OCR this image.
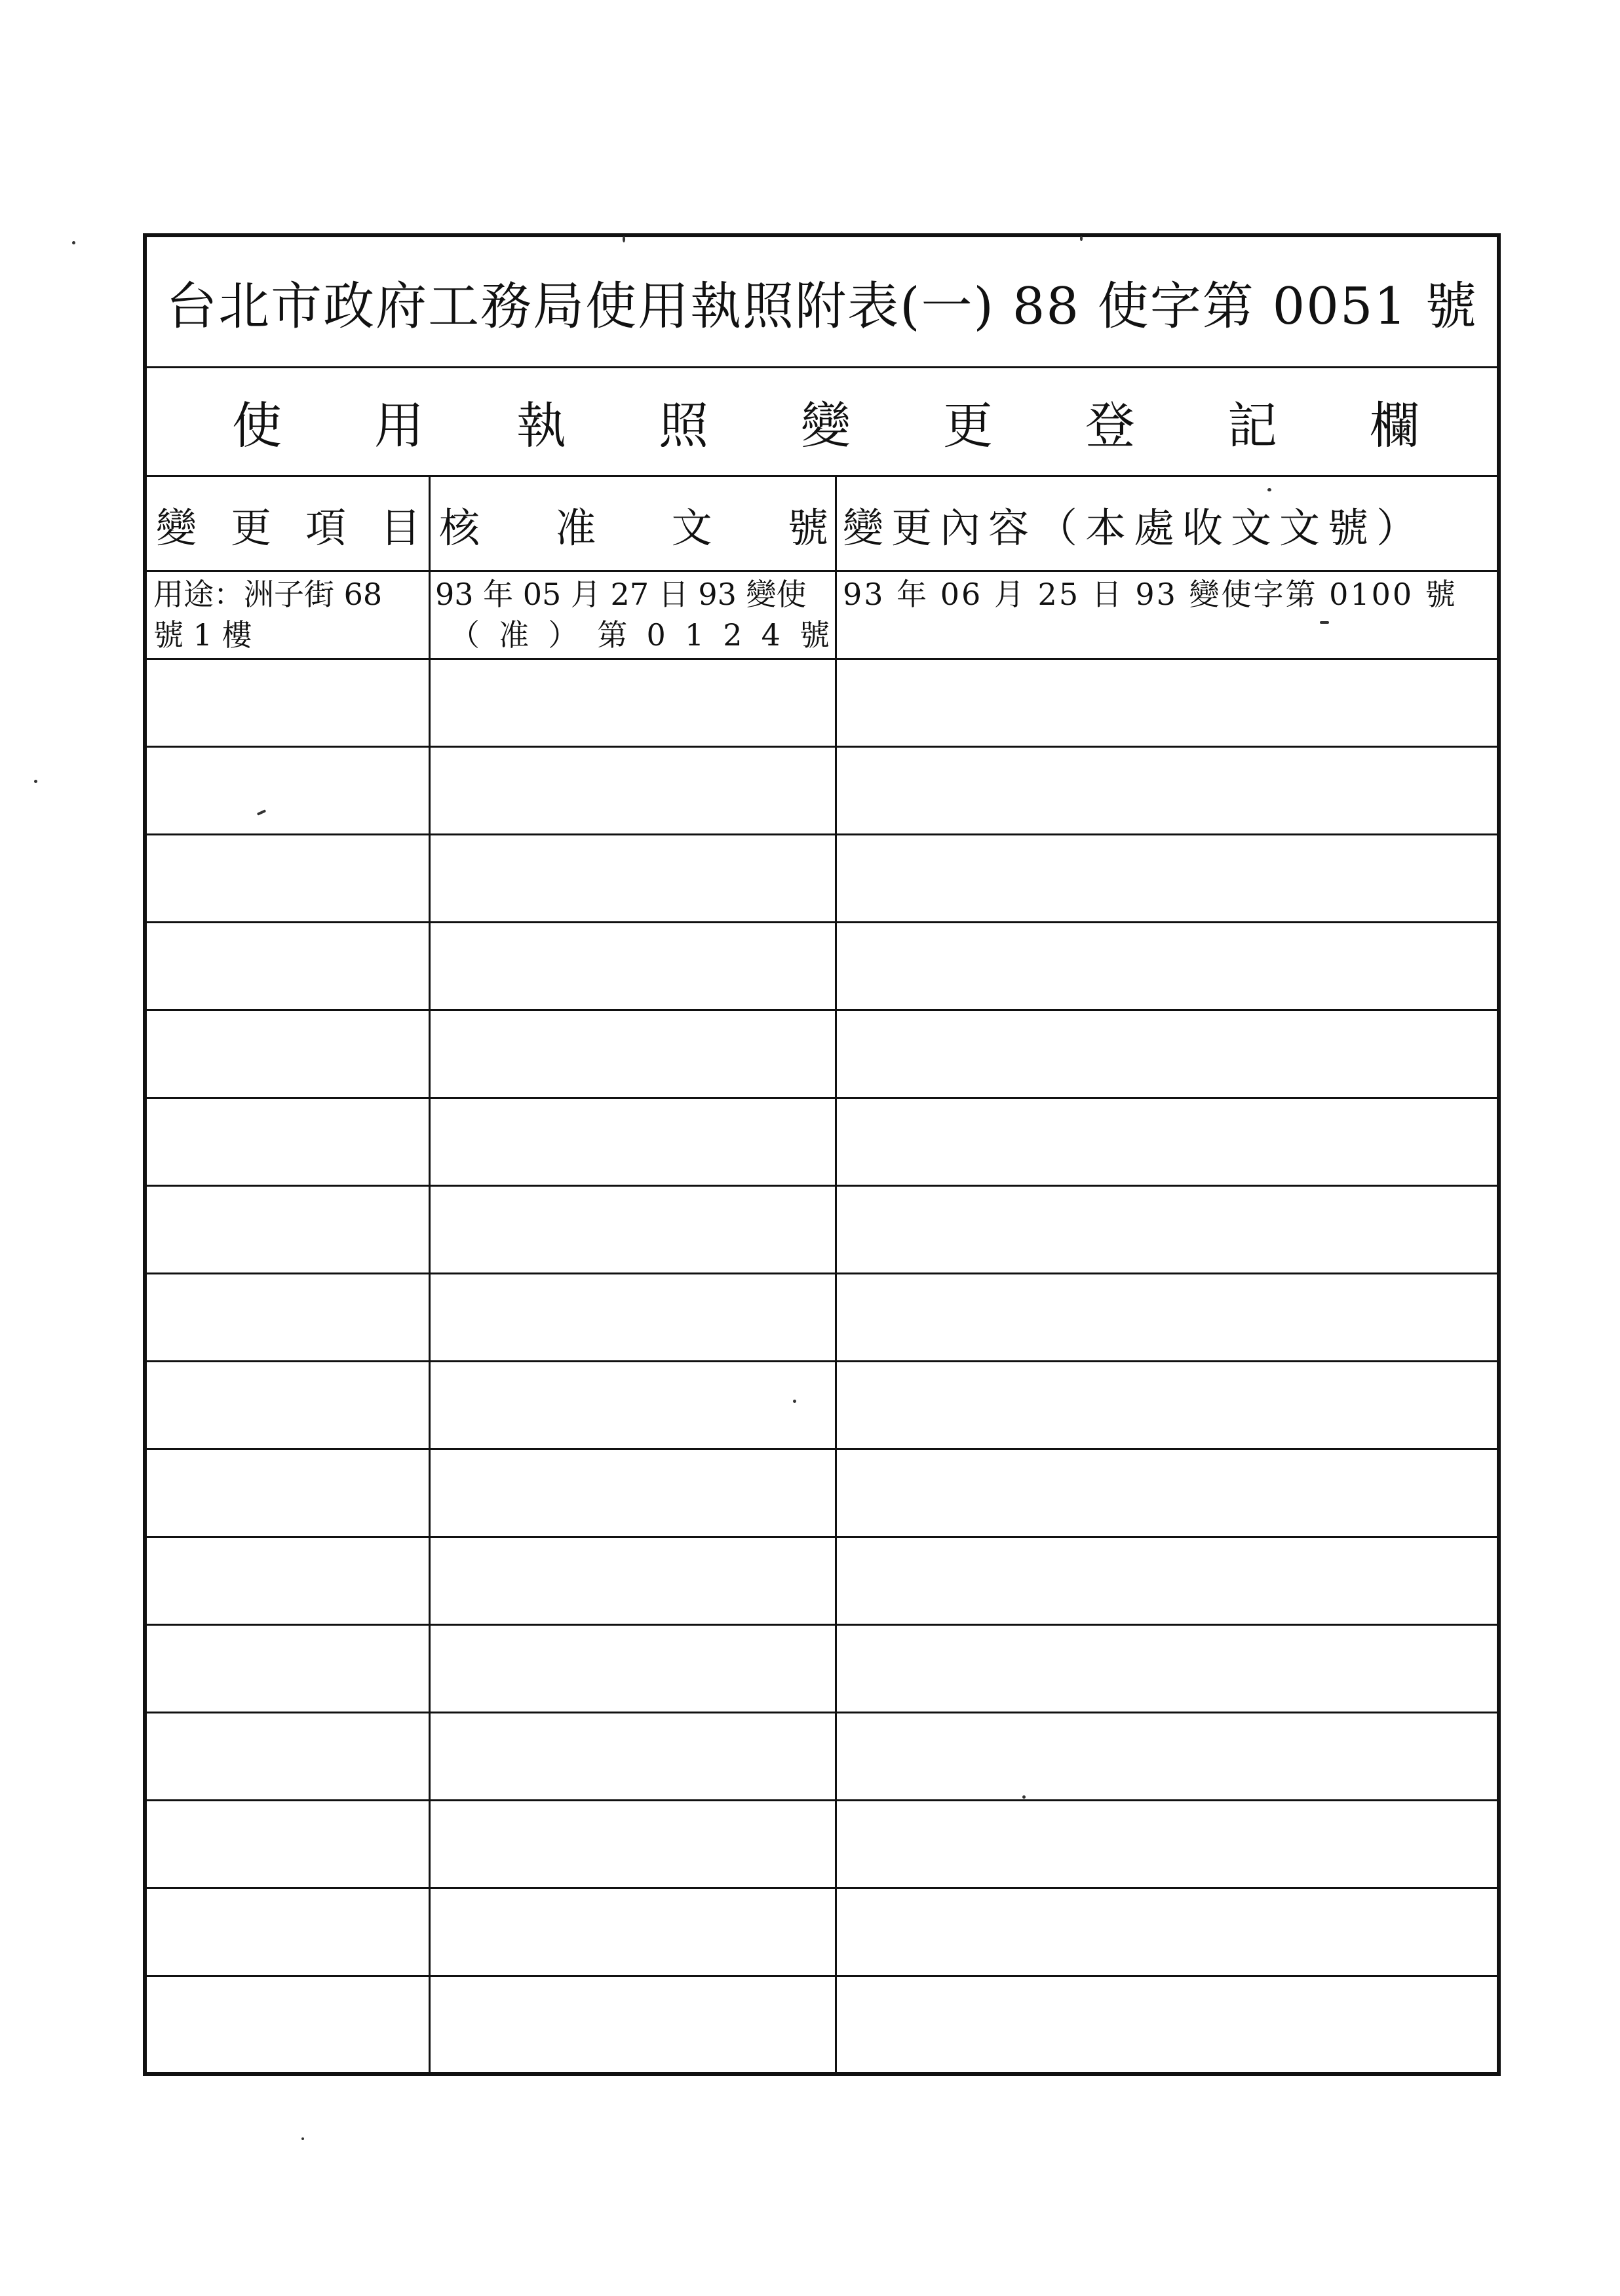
台北市政府工務局使用執照附表(一) 88 使字第 0051 號
使 用 執 照 變 更 登 記 欄
變 更 項 目 核 准 文 號 變更內容（本處收文文號）
用途：洲子街 68
號 1 樓
93 年 05 月 27 日 93 變使
（ 准 ） 第 0 1 2 4 號
93 年 06 月 25 日 93 變使字第 0100 號
